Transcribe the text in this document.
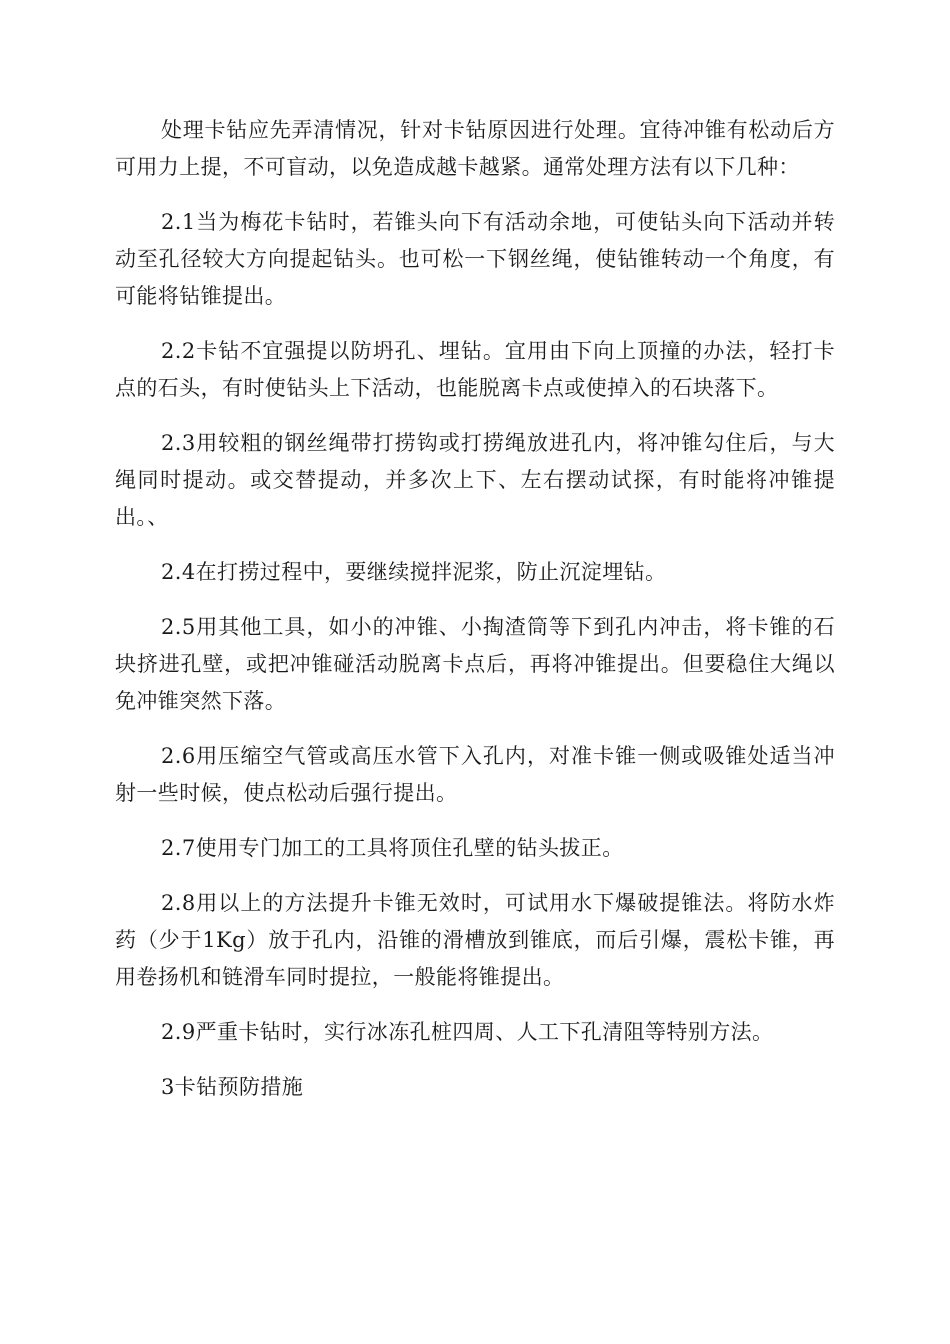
处理卡钻应先弄清情况，针对卡钻原因进行处理。宜待冲锥有松动后方可用力上提，不可盲动，以免造成越卡越紧。通常处理方法有以下几种：

2.1当为梅花卡钻时，若锥头向下有活动余地，可使钻头向下活动并转动至孔径较大方向提起钻头。也可松一下钢丝绳，使钻锥转动一个角度，有可能将钻锥提出。

2.2卡钻不宜强提以防坍孔、埋钻。宜用由下向上顶撞的办法，轻打卡点的石头，有时使钻头上下活动，也能脱离卡点或使掉入的石块落下。

2.3用较粗的钢丝绳带打捞钩或打捞绳放进孔内，将冲锥勾住后，与大绳同时提动。或交替提动，并多次上下、左右摆动试探，有时能将冲锥提出。、

2.4在打捞过程中，要继续搅拌泥浆，防止沉淀埋钻。

2.5用其他工具，如小的冲锥、小掏渣筒等下到孔内冲击，将卡锥的石块挤进孔壁，或把冲锥碰活动脱离卡点后，再将冲锥提出。但要稳住大绳以免冲锥突然下落。

2.6用压缩空气管或高压水管下入孔内，对准卡锥一侧或吸锥处适当冲射一些时候，使点松动后强行提出。

2.7使用专门加工的工具将顶住孔壁的钻头拔正。

2.8用以上的方法提升卡锥无效时，可试用水下爆破提锥法。将防水炸药（少于1Kg）放于孔内，沿锥的滑槽放到锥底，而后引爆，震松卡锥，再用卷扬机和链滑车同时提拉，一般能将锥提出。

2.9严重卡钻时，实行冰冻孔桩四周、人工下孔清阻等特别方法。

3卡钻预防措施
